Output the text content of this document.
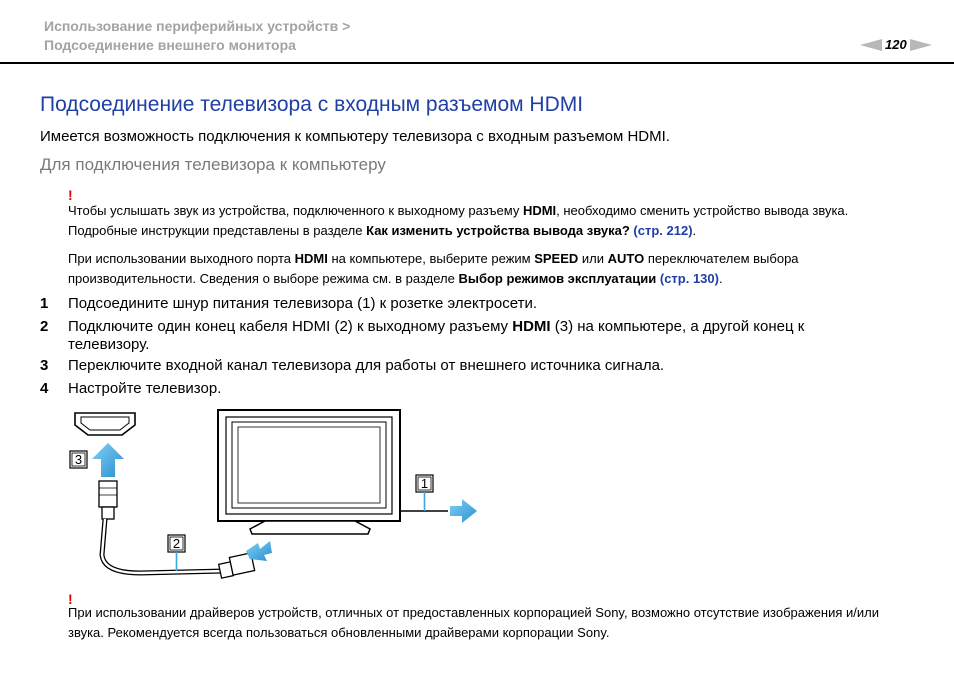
Использование периферийных устройств >
Подсоединение внешнего монитора	120
Подсоединение телевизора с входным разъемом HDMI
Имеется возможность подключения к компьютеру телевизора с входным разъемом HDMI.
Для подключения телевизора к компьютеру
!
Чтобы услышать звук из устройства, подключенного к выходному разъему HDMI, необходимо сменить устройство вывода звука. Подробные инструкции представлены в разделе Как изменить устройства вывода звука? (стр. 212).
При использовании выходного порта HDMI на компьютере, выберите режим SPEED или AUTO переключателем выбора производительности. Сведения о выборе режима см. в разделе Выбор режимов эксплуатации (стр. 130).
1 Подсоедините шнур питания телевизора (1) к розетке электросети.
2 Подключите один конец кабеля HDMI (2) к выходному разъему HDMI (3) на компьютере, а другой конец к телевизору.
3 Переключите входной канал телевизора для работы от внешнего источника сигнала.
4 Настройте телевизор.
3
2
1
!
При использовании драйверов устройств, отличных от предоставленных корпорацией Sony, возможно отсутствие изображения и/или звука. Рекомендуется всегда пользоваться обновленными драйверами корпорации Sony.
